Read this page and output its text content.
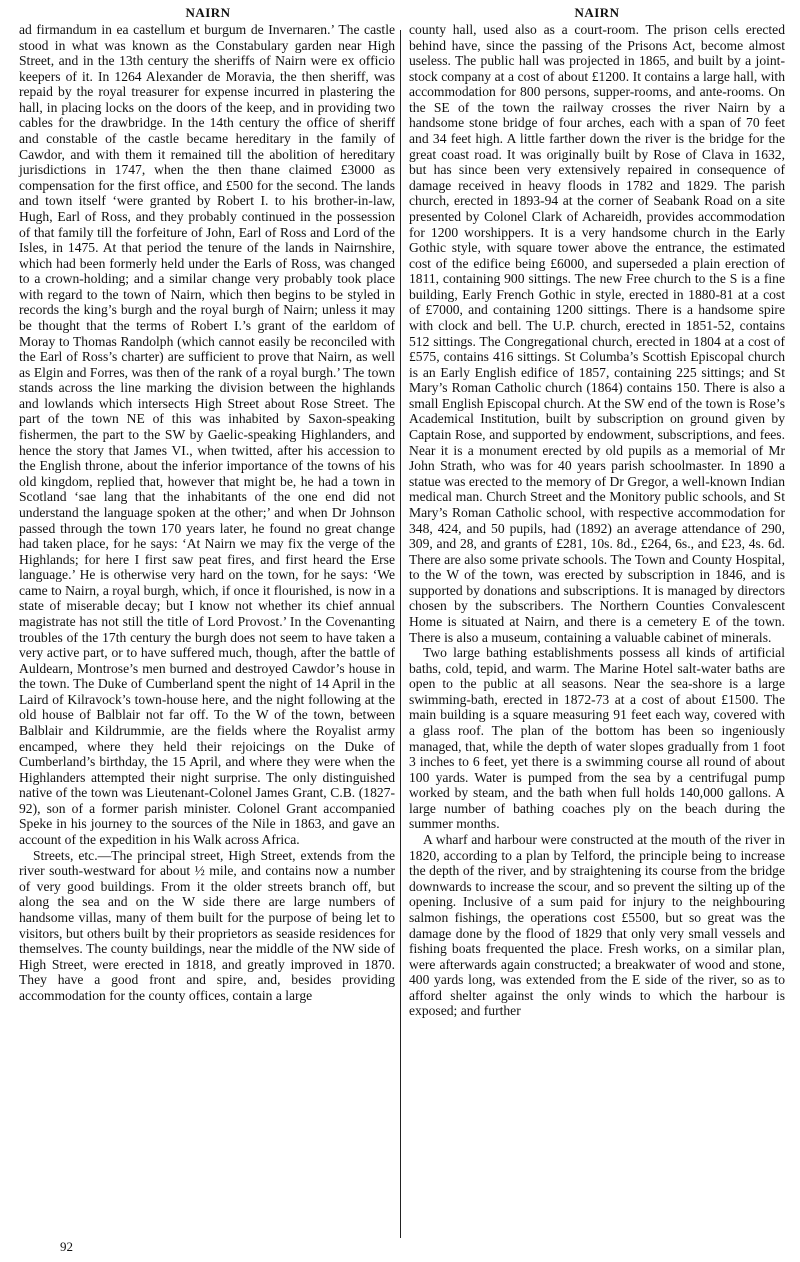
NAIRN	NAIRN

ad firmandum in ea castellum et burgum de Invernaren.’ The castle stood in what was known as the Constabulary garden near High Street, and in the 13th century the sheriffs of Nairn were ex officio keepers of it. In 1264 Alexander de Moravia, the then sheriff, was repaid by the royal treasurer for expense incurred in plastering the hall, in placing locks on the doors of the keep, and in providing two cables for the drawbridge. In the 14th century the office of sheriff and constable of the castle became hereditary in the family of Cawdor, and with them it remained till the abolition of hereditary jurisdictions in 1747, when the then thane claimed £3000 as compensation for the first office, and £500 for the second. The lands and town itself ‘were granted by Robert I. to his brother-in-law, Hugh, Earl of Ross, and they probably continued in the possession of that family till the forfeiture of John, Earl of Ross and Lord of the Isles, in 1475. At that period the tenure of the lands in Nairnshire, which had been formerly held under the Earls of Ross, was changed to a crown-holding; and a similar change very probably took place with regard to the town of Nairn, which then begins to be styled in records the king’s burgh and the royal burgh of Nairn; unless it may be thought that the terms of Robert I.’s grant of the earldom of Moray to Thomas Randolph (which cannot easily be reconciled with the Earl of Ross’s charter) are sufficient to prove that Nairn, as well as Elgin and Forres, was then of the rank of a royal burgh.’ The town stands across the line marking the division between the highlands and lowlands which intersects High Street about Rose Street. The part of the town NE of this was inhabited by Saxon-speaking fishermen, the part to the SW by Gaelic-speaking Highlanders, and hence the story that James VI., when twitted, after his accession to the English throne, about the inferior importance of the towns of his old kingdom, replied that, however that might be, he had a town in Scotland ‘sae lang that the inhabitants of the one end did not understand the language spoken at the other;’ and when Dr Johnson passed through the town 170 years later, he found no great change had taken place, for he says: ‘At Nairn we may fix the verge of the Highlands; for here I first saw peat fires, and first heard the Erse language.’ He is otherwise very hard on the town, for he says: ‘We came to Nairn, a royal burgh, which, if once it flourished, is now in a state of miserable decay; but I know not whether its chief annual magistrate has not still the title of Lord Provost.’ In the Covenanting troubles of the 17th century the burgh does not seem to have taken a very active part, or to have suffered much, though, after the battle of Auldearn, Montrose’s men burned and destroyed Cawdor’s house in the town. The Duke of Cumberland spent the night of 14 April in the Laird of Kilravock’s town-house here, and the night following at the old house of Balblair not far off. To the W of the town, between Balblair and Kildrummie, are the fields where the Royalist army encamped, where they held their rejoicings on the Duke of Cumberland’s birthday, the 15 April, and where they were when the Highlanders attempted their night surprise. The only distinguished native of the town was Lieutenant-Colonel James Grant, C.B. (1827-92), son of a former parish minister. Colonel Grant accompanied Speke in his journey to the sources of the Nile in 1863, and gave an account of the expedition in his Walk across Africa.

Streets, etc.—The principal street, High Street, extends from the river south-westward for about ½ mile, and contains now a number of very good buildings. From it the older streets branch off, but along the sea and on the W side there are large numbers of handsome villas, many of them built for the purpose of being let to visitors, but others built by their proprietors as seaside residences for themselves. The county buildings, near the middle of the NW side of High Street, were erected in 1818, and greatly improved in 1870. They have a good front and spire, and, besides providing accommodation for the county offices, contain a large

county hall, used also as a court-room. The prison cells erected behind have, since the passing of the Prisons Act, become almost useless. The public hall was projected in 1865, and built by a joint-stock company at a cost of about £1200. It contains a large hall, with accommodation for 800 persons, supper-rooms, and ante-rooms. On the SE of the town the railway crosses the river Nairn by a handsome stone bridge of four arches, each with a span of 70 feet and 34 feet high. A little farther down the river is the bridge for the great coast road. It was originally built by Rose of Clava in 1632, but has since been very extensively repaired in consequence of damage received in heavy floods in 1782 and 1829. The parish church, erected in 1893-94 at the corner of Seabank Road on a site presented by Colonel Clark of Achareidh, provides accommodation for 1200 worshippers. It is a very handsome church in the Early Gothic style, with square tower above the entrance, the estimated cost of the edifice being £6000, and superseded a plain erection of 1811, containing 900 sittings. The new Free church to the S is a fine building, Early French Gothic in style, erected in 1880-81 at a cost of £7000, and containing 1200 sittings. There is a handsome spire with clock and bell. The U.P. church, erected in 1851-52, contains 512 sittings. The Congregational church, erected in 1804 at a cost of £575, contains 416 sittings. St Columba’s Scottish Episcopal church is an Early English edifice of 1857, containing 225 sittings; and St Mary’s Roman Catholic church (1864) contains 150. There is also a small English Episcopal church. At the SW end of the town is Rose’s Academical Institution, built by subscription on ground given by Captain Rose, and supported by endowment, subscriptions, and fees. Near it is a monument erected by old pupils as a memorial of Mr John Strath, who was for 40 years parish schoolmaster. In 1890 a statue was erected to the memory of Dr Gregor, a well-known Indian medical man. Church Street and the Monitory public schools, and St Mary’s Roman Catholic school, with respective accommodation for 348, 424, and 50 pupils, had (1892) an average attendance of 290, 309, and 28, and grants of £281, 10s. 8d., £264, 6s., and £23, 4s. 6d. There are also some private schools. The Town and County Hospital, to the W of the town, was erected by subscription in 1846, and is supported by donations and subscriptions. It is managed by directors chosen by the subscribers. The Northern Counties Convalescent Home is situated at Nairn, and there is a cemetery E of the town. There is also a museum, containing a valuable cabinet of minerals.

Two large bathing establishments possess all kinds of artificial baths, cold, tepid, and warm. The Marine Hotel salt-water baths are open to the public at all seasons. Near the sea-shore is a large swimming-bath, erected in 1872-73 at a cost of about £1500. The main building is a square measuring 91 feet each way, covered with a glass roof. The plan of the bottom has been so ingeniously managed, that, while the depth of water slopes gradually from 1 foot 3 inches to 6 feet, yet there is a swimming course all round of about 100 yards. Water is pumped from the sea by a centrifugal pump worked by steam, and the bath when full holds 140,000 gallons. A large number of bathing coaches ply on the beach during the summer months.

A wharf and harbour were constructed at the mouth of the river in 1820, according to a plan by Telford, the principle being to increase the depth of the river, and by straightening its course from the bridge downwards to increase the scour, and so prevent the silting up of the opening. Inclusive of a sum paid for injury to the neighbouring salmon fishings, the operations cost £5500, but so great was the damage done by the flood of 1829 that only very small vessels and fishing boats frequented the place. Fresh works, on a similar plan, were afterwards again constructed; a breakwater of wood and stone, 400 yards long, was extended from the E side of the river, so as to afford shelter against the only winds to which the harbour is exposed; and further

92
